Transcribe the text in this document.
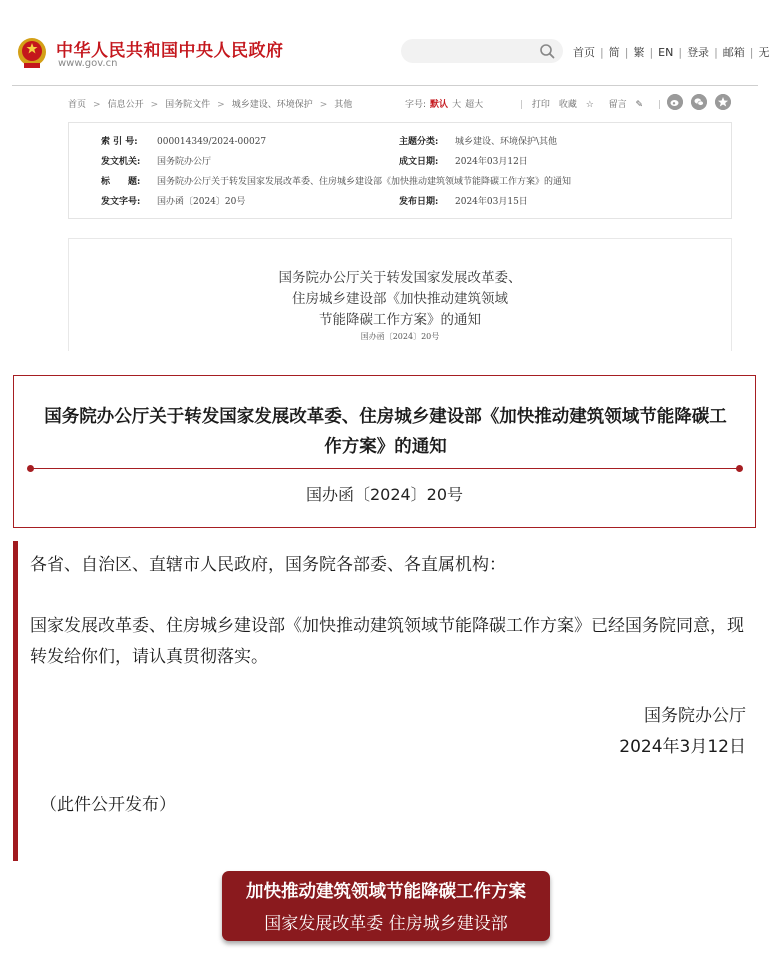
中华人民共和国中央人民政府
www.gov.cn
首页 | 简 | 繁 | EN | 登录 | 邮箱 | 无
首页 > 信息公开 > 国务院文件 > 城乡建设、环境保护 > 其他	字号: 默认 大 超大	| 打印 收藏 ☆ 留言 ✎ |
索 引 号: 000014349/2024-00027	主题分类: 城乡建设、环境保护\其他
发文机关: 国务院办公厅	成文日期: 2024年03月12日
标　　题: 国务院办公厅关于转发国家发展改革委、住房城乡建设部《加快推动建筑领域节能降碳工作方案》的通知
发文字号: 国办函〔2024〕20号	发布日期: 2024年03月15日
国务院办公厅关于转发国家发展改革委、
住房城乡建设部《加快推动建筑领域
节能降碳工作方案》的通知
国办函〔2024〕20号
国务院办公厅关于转发国家发展改革委、住房城乡建设部《加快推动建筑领域节能降碳工作方案》的通知
国办函〔2024〕20号
各省、自治区、直辖市人民政府，国务院各部委、各直属机构：
国家发展改革委、住房城乡建设部《加快推动建筑领域节能降碳工作方案》已经国务院同意，现转发给你们，请认真贯彻落实。
国务院办公厅
2024年3月12日
（此件公开发布）
加快推动建筑领域节能降碳工作方案
国家发展改革委 住房城乡建设部
